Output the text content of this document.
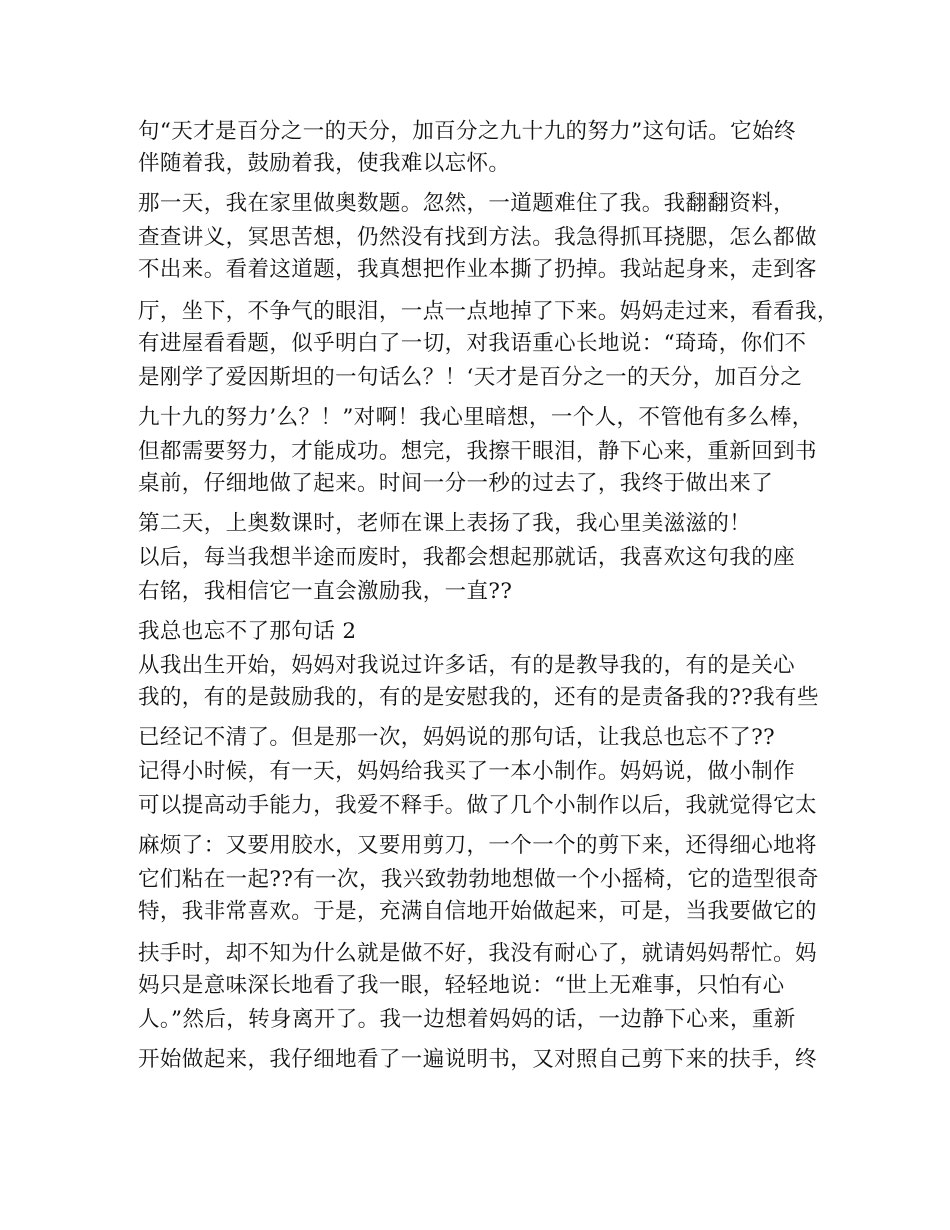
句“天才是百分之一的天分，加百分之九十九的努力”这句话。它始终
伴随着我，鼓励着我，使我难以忘怀。
那一天，我在家里做奥数题。忽然，一道题难住了我。我翻翻资料，
查查讲义，冥思苦想，仍然没有找到方法。我急得抓耳挠腮，怎么都做
不出来。看着这道题，我真想把作业本撕了扔掉。我站起身来，走到客
厅，坐下，不争气的眼泪，一点一点地掉了下来。妈妈走过来，看看我，
有进屋看看题，似乎明白了一切，对我语重心长地说：“琦琦，你们不
是刚学了爱因斯坦的一句话么？！‘天才是百分之一的天分，加百分之
九十九的努力’么？！”对啊！我心里暗想，一个人，不管他有多么棒，
但都需要努力，才能成功。想完，我擦干眼泪，静下心来，重新回到书
桌前，仔细地做了起来。时间一分一秒的过去了，我终于做出来了
第二天，上奥数课时，老师在课上表扬了我，我心里美滋滋的！
以后，每当我想半途而废时，我都会想起那就话，我喜欢这句我的座
右铭，我相信它一直会激励我，一直??
我总也忘不了那句话 2
从我出生开始，妈妈对我说过许多话，有的是教导我的，有的是关心
我的，有的是鼓励我的，有的是安慰我的，还有的是责备我的??我有些
已经记不清了。但是那一次，妈妈说的那句话，让我总也忘不了??
记得小时候，有一天，妈妈给我买了一本小制作。妈妈说，做小制作
可以提高动手能力，我爱不释手。做了几个小制作以后，我就觉得它太
麻烦了：又要用胶水，又要用剪刀，一个一个的剪下来，还得细心地将
它们粘在一起??有一次，我兴致勃勃地想做一个小摇椅，它的造型很奇
特，我非常喜欢。于是，充满自信地开始做起来，可是，当我要做它的
扶手时，却不知为什么就是做不好，我没有耐心了，就请妈妈帮忙。妈
妈只是意味深长地看了我一眼，轻轻地说：“世上无难事，只怕有心
人。”然后，转身离开了。我一边想着妈妈的话，一边静下心来，重新
开始做起来，我仔细地看了一遍说明书，又对照自己剪下来的扶手，终
